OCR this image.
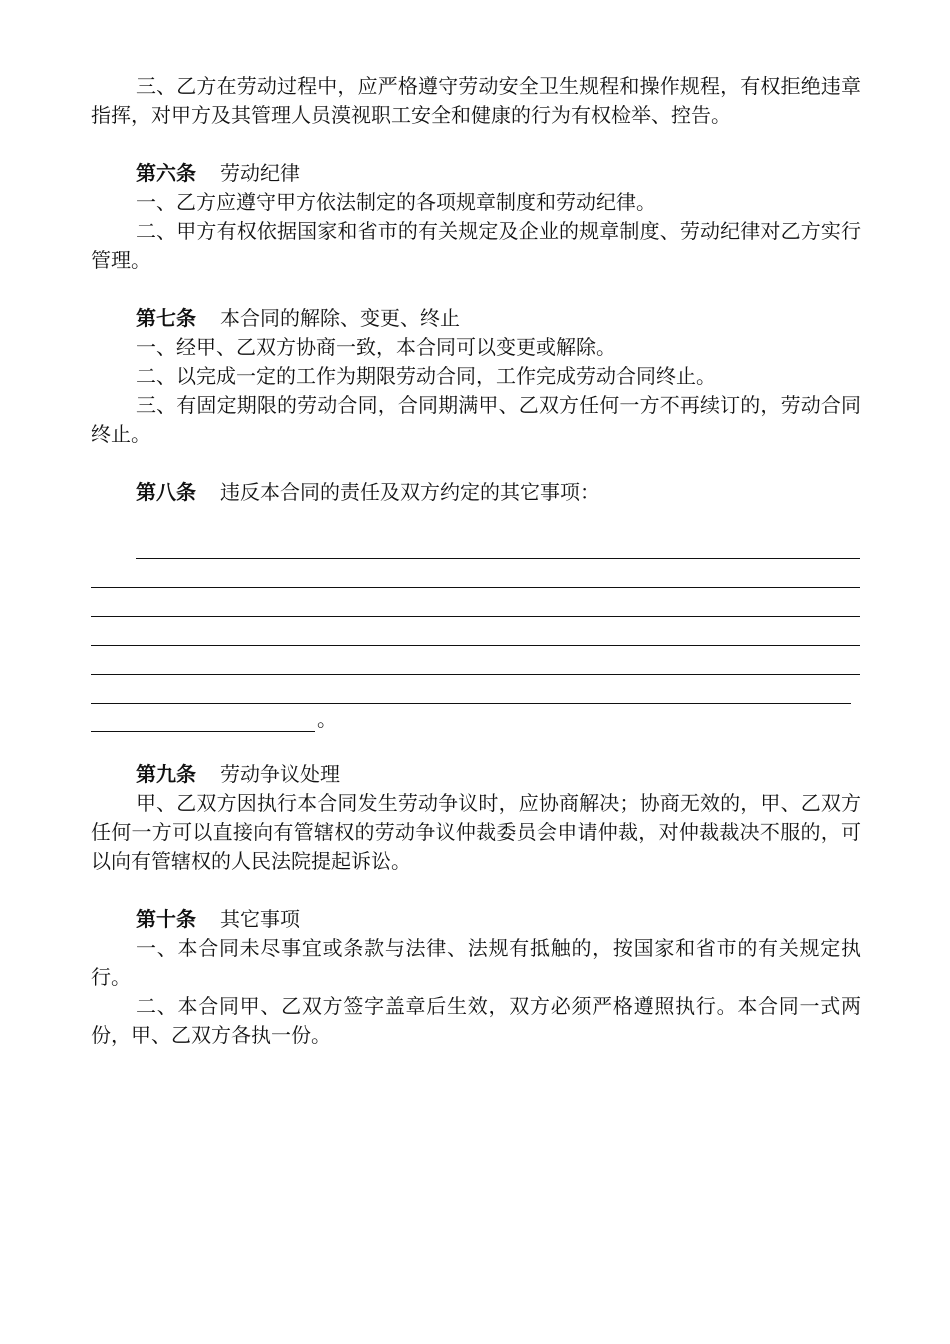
三、乙方在劳动过程中，应严格遵守劳动安全卫生规程和操作规程，有权拒绝违章指挥，对甲方及其管理人员漠视职工安全和健康的行为有权检举、控告。

第六条 劳动纪律

一、乙方应遵守甲方依法制定的各项规章制度和劳动纪律。

二、甲方有权依据国家和省市的有关规定及企业的规章制度、劳动纪律对乙方实行管理。

第七条 本合同的解除、变更、终止

一、经甲、乙双方协商一致，本合同可以变更或解除。

二、以完成一定的工作为期限劳动合同，工作完成劳动合同终止。

三、有固定期限的劳动合同，合同期满甲、乙双方任何一方不再续订的，劳动合同终止。

第八条 违反本合同的责任及双方约定的其它事项：

。

第九条 劳动争议处理

甲、乙双方因执行本合同发生劳动争议时，应协商解决；协商无效的，甲、乙双方任何一方可以直接向有管辖权的劳动争议仲裁委员会申请仲裁，对仲裁裁决不服的，可以向有管辖权的人民法院提起诉讼。

第十条 其它事项

一、本合同未尽事宜或条款与法律、法规有抵触的，按国家和省市的有关规定执行。

二、本合同甲、乙双方签字盖章后生效，双方必须严格遵照执行。本合同一式两份，甲、乙双方各执一份。
